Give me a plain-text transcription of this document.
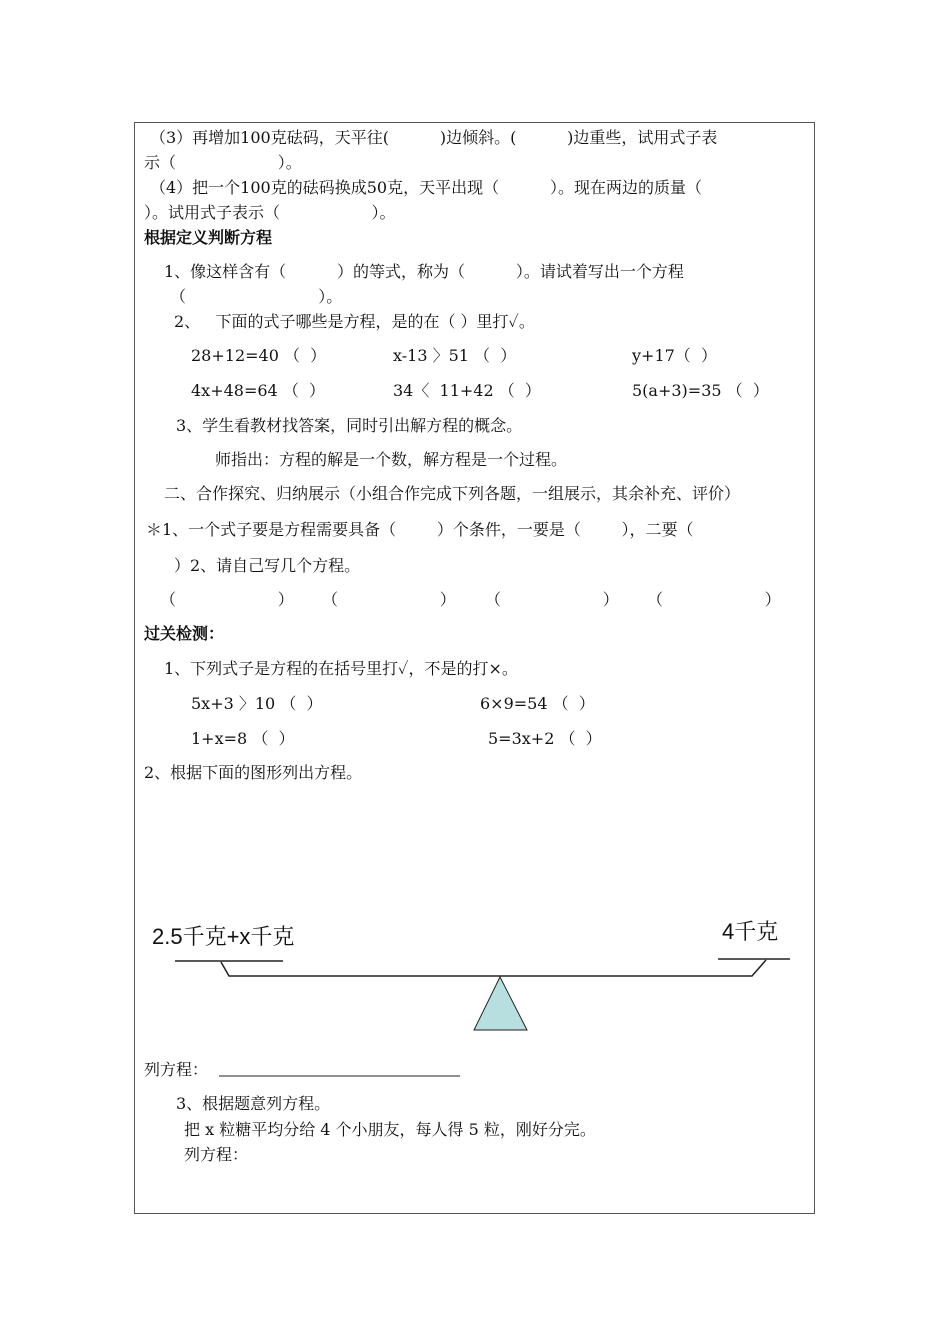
（3）再增加100克砝码，天平往(          )边倾斜。(          )边重些，试用式子表
示（                    ）。
（4）把一个100克的砝码换成50克，天平出现（          ）。现在两边的质量（
）。试用式子表示（                  ）。
根据定义判断方程
1、像这样含有（          ）的等式，称为（          ）。请试着写出一个方程
（                          ）。
2、   下面的式子哪些是方程，是的在（ ）里打✓。
28+12=40 （  ）	x-13 〉51 （  ）	y+17（  ）
4x+48=64 （  ）	34〈  11+42 （  ）	5(a+3)=35 （  ）
3、学生看教材找答案，同时引出解方程的概念。
师指出：方程的解是一个数，解方程是一个过程。
二、合作探究、归纳展示（小组合作完成下列各题，一组展示，其余补充、评价）
＊1、一个式子要是方程需要具备（        ）个条件，一要是（        ），二要（
）2、请自己写几个方程。
（                    ） （                    ） （                    ） （                    ）
过关检测：
1、下列式子是方程的在括号里打✓，不是的打×。
5x+3 〉10 （  ）	6×9=54 （  ）
1+x=8 （  ）	5=3x+2 （  ）
2、根据下面的图形列出方程。
2.5千克+x千克	4千克
列方程：
3、根据题意列方程。
把 x 粒糖平均分给 4 个小朋友，每人得 5 粒，刚好分完。
列方程：
